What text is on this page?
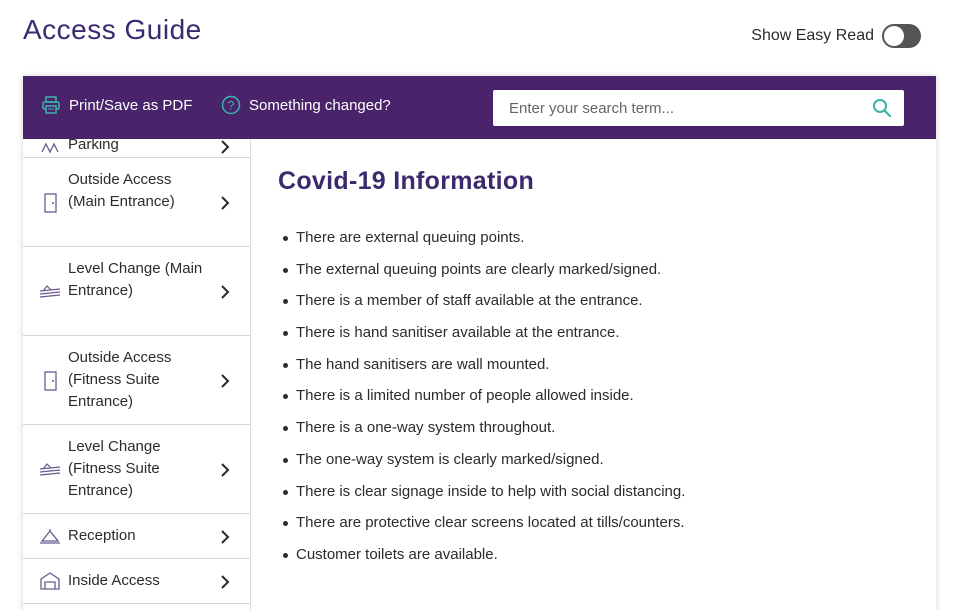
Access Guide	Show Easy Read
Print/Save as PDF	? Something changed?
Enter your search term...
Parking
Outside Access (Main Entrance)
Level Change (Main Entrance)
Outside Access (Fitness Suite Entrance)
Level Change (Fitness Suite Entrance)
Reception
Inside Access
Covid-19 Information
There are external queuing points.
The external queuing points are clearly marked/signed.
There is a member of staff available at the entrance.
There is hand sanitiser available at the entrance.
The hand sanitisers are wall mounted.
There is a limited number of people allowed inside.
There is a one-way system throughout.
The one-way system is clearly marked/signed.
There is clear signage inside to help with social distancing.
There are protective clear screens located at tills/counters.
Customer toilets are available.
